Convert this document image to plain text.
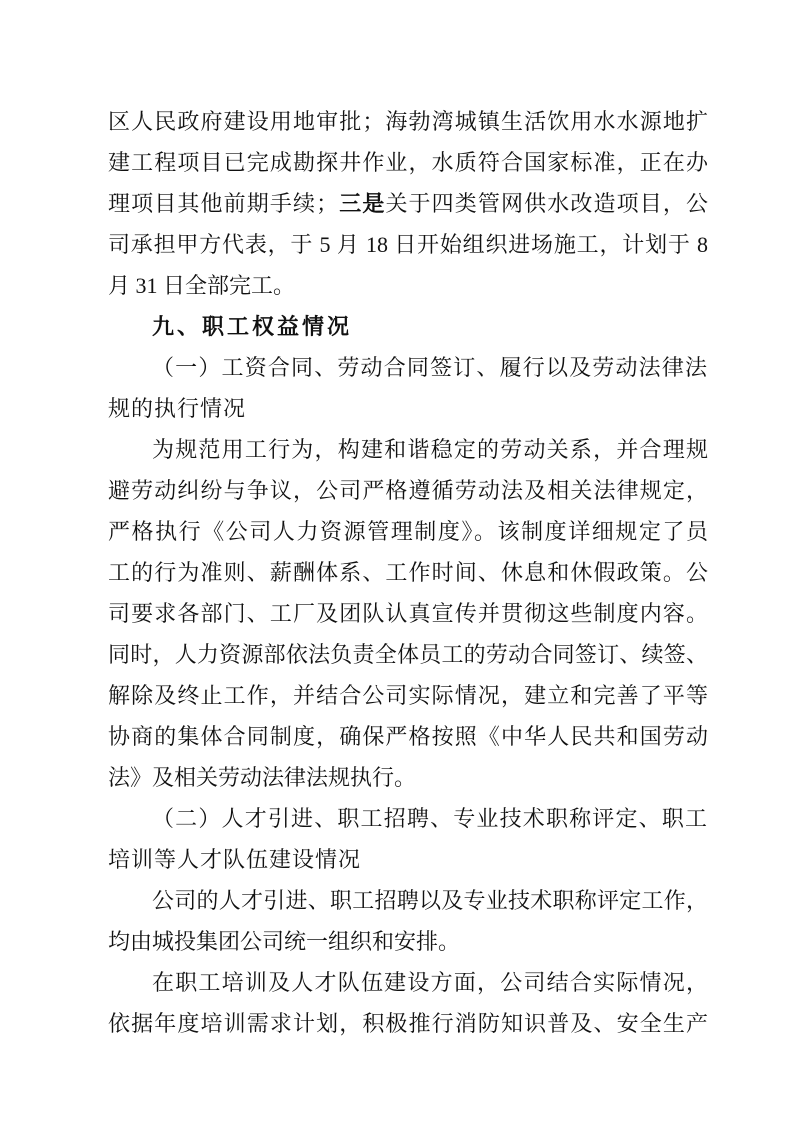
区人民政府建设用地审批；海勃湾城镇生活饮用水水源地扩
建工程项目已完成勘探井作业，水质符合国家标准，正在办
理项目其他前期手续；三是关于四类管网供水改造项目，公
司承担甲方代表，于 5 月 18 日开始组织进场施工，计划于 8
月 31 日全部完工。
九、职工权益情况
（一）工资合同、劳动合同签订、履行以及劳动法律法
规的执行情况
为规范用工行为，构建和谐稳定的劳动关系，并合理规
避劳动纠纷与争议，公司严格遵循劳动法及相关法律规定，
严格执行《公司人力资源管理制度》。该制度详细规定了员
工的行为准则、薪酬体系、工作时间、休息和休假政策。公
司要求各部门、工厂及团队认真宣传并贯彻这些制度内容。
同时，人力资源部依法负责全体员工的劳动合同签订、续签、
解除及终止工作，并结合公司实际情况，建立和完善了平等
协商的集体合同制度，确保严格按照《中华人民共和国劳动
法》及相关劳动法律法规执行。
（二）人才引进、职工招聘、专业技术职称评定、职工
培训等人才队伍建设情况
公司的人才引进、职工招聘以及专业技术职称评定工作，
均由城投集团公司统一组织和安排。
在职工培训及人才队伍建设方面，公司结合实际情况，
依据年度培训需求计划，积极推行消防知识普及、安全生产
